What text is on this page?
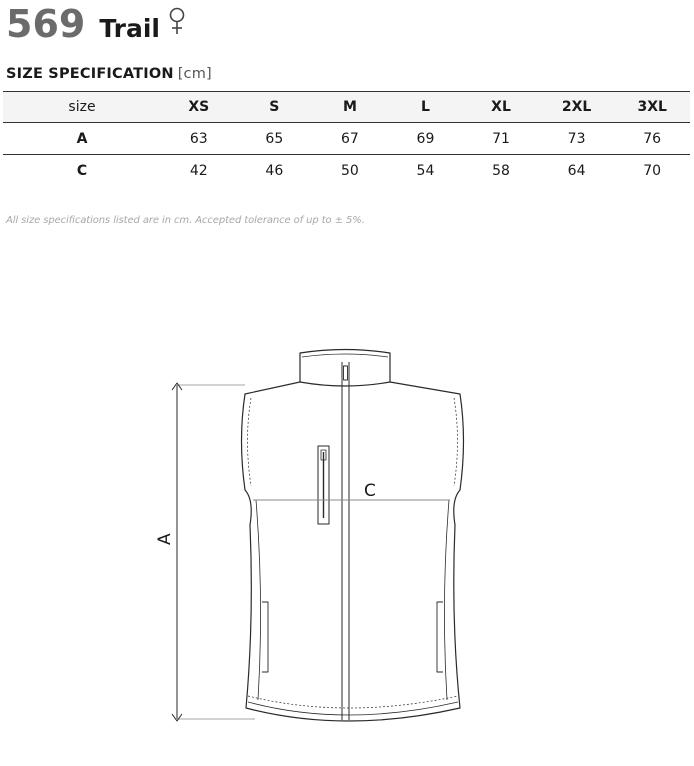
569 Trail
SIZE SPECIFICATION [cm]
size	XS	S	M	L	XL	2XL	3XL
A	63	65	67	69	71	73	76
C	42	46	50	54	58	64	70
All size specifications listed are in cm. Accepted tolerance of up to ± 5%.
C
A
